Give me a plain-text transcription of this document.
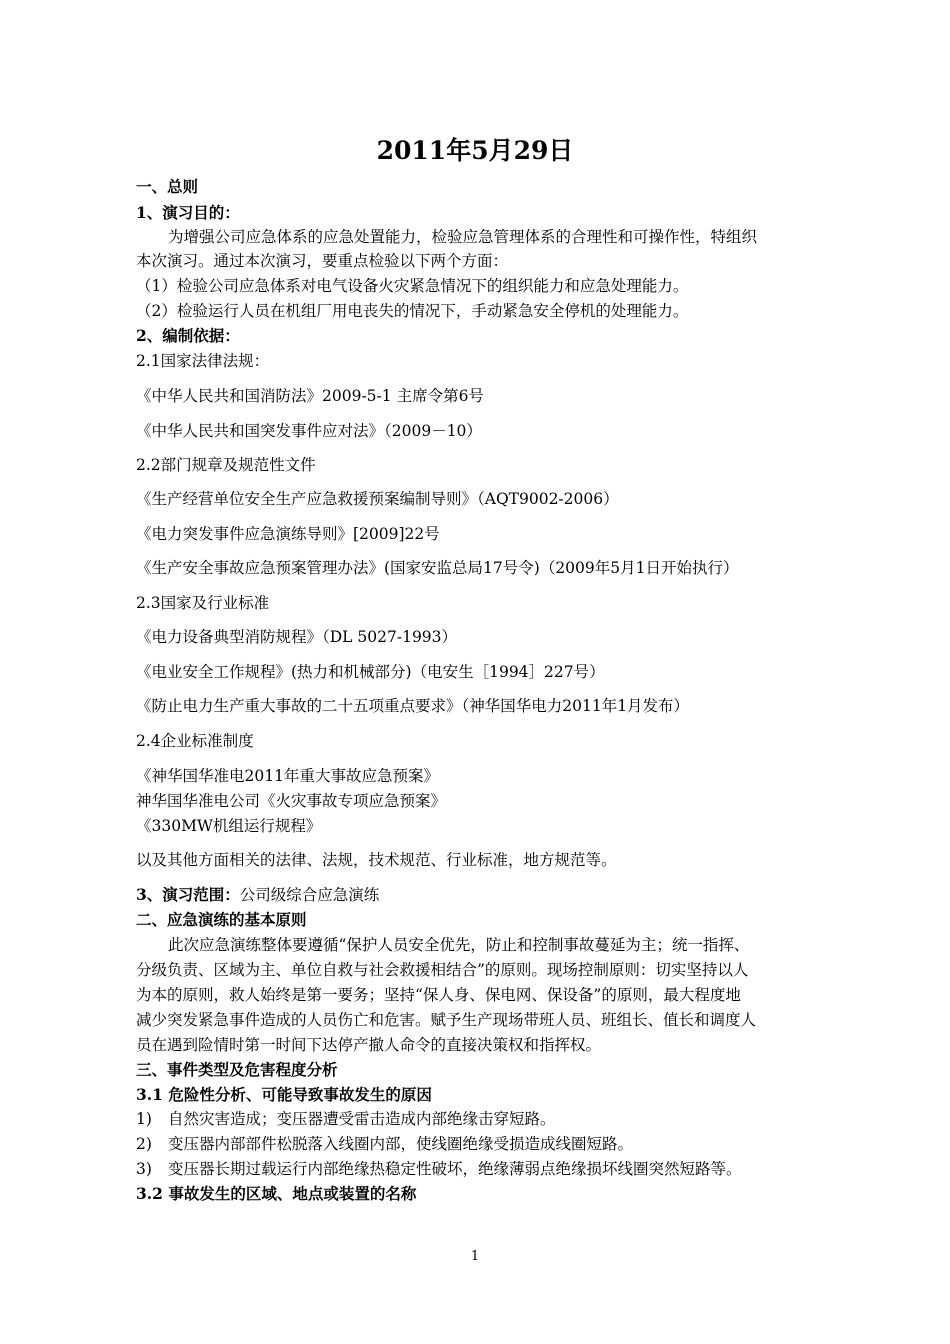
2011年5月29日
一、总则
1、演习目的：
为增强公司应急体系的应急处置能力，检验应急管理体系的合理性和可操作性，特组织
本次演习。通过本次演习，要重点检验以下两个方面：
（1）检验公司应急体系对电气设备火灾紧急情况下的组织能力和应急处理能力。
（2）检验运行人员在机组厂用电丧失的情况下，手动紧急安全停机的处理能力。
2、编制依据：
2.1国家法律法规：
《中华人民共和国消防法》2009-5-1 主席令第6号
《中华人民共和国突发事件应对法》（2009－10）
2.2部门规章及规范性文件
《生产经营单位安全生产应急救援预案编制导则》（AQT9002-2006）
《电力突发事件应急演练导则》[2009]22号
《生产安全事故应急预案管理办法》(国家安监总局17号令)（2009年5月1日开始执行）
2.3国家及行业标准
《电力设备典型消防规程》（DL 5027-1993）
《电业安全工作规程》(热力和机械部分)（电安生［1994］227号）
《防止电力生产重大事故的二十五项重点要求》（神华国华电力2011年1月发布）
2.4企业标准制度
《神华国华准电2011年重大事故应急预案》
神华国华准电公司《火灾事故专项应急预案》
《330MW机组运行规程》
以及其他方面相关的法律、法规，技术规范、行业标准，地方规范等。
3、演习范围：公司级综合应急演练
二、应急演练的基本原则
此次应急演练整体要遵循“保护人员安全优先，防止和控制事故蔓延为主；统一指挥、
分级负责、区域为主、单位自救与社会救援相结合”的原则。现场控制原则：切实坚持以人
为本的原则，救人始终是第一要务；坚持“保人身、保电网、保设备”的原则，最大程度地
减少突发紧急事件造成的人员伤亡和危害。赋予生产现场带班人员、班组长、值长和调度人
员在遇到险情时第一时间下达停产撤人命令的直接决策权和指挥权。
三、事件类型及危害程度分析
3.1 危险性分析、可能导致事故发生的原因
1) 自然灾害造成；变压器遭受雷击造成内部绝缘击穿短路。
2) 变压器内部部件松脱落入线圈内部，使线圈绝缘受损造成线圈短路。
3) 变压器长期过载运行内部绝缘热稳定性破坏，绝缘薄弱点绝缘损坏线圈突然短路等。
3.2 事故发生的区域、地点或装置的名称
1
